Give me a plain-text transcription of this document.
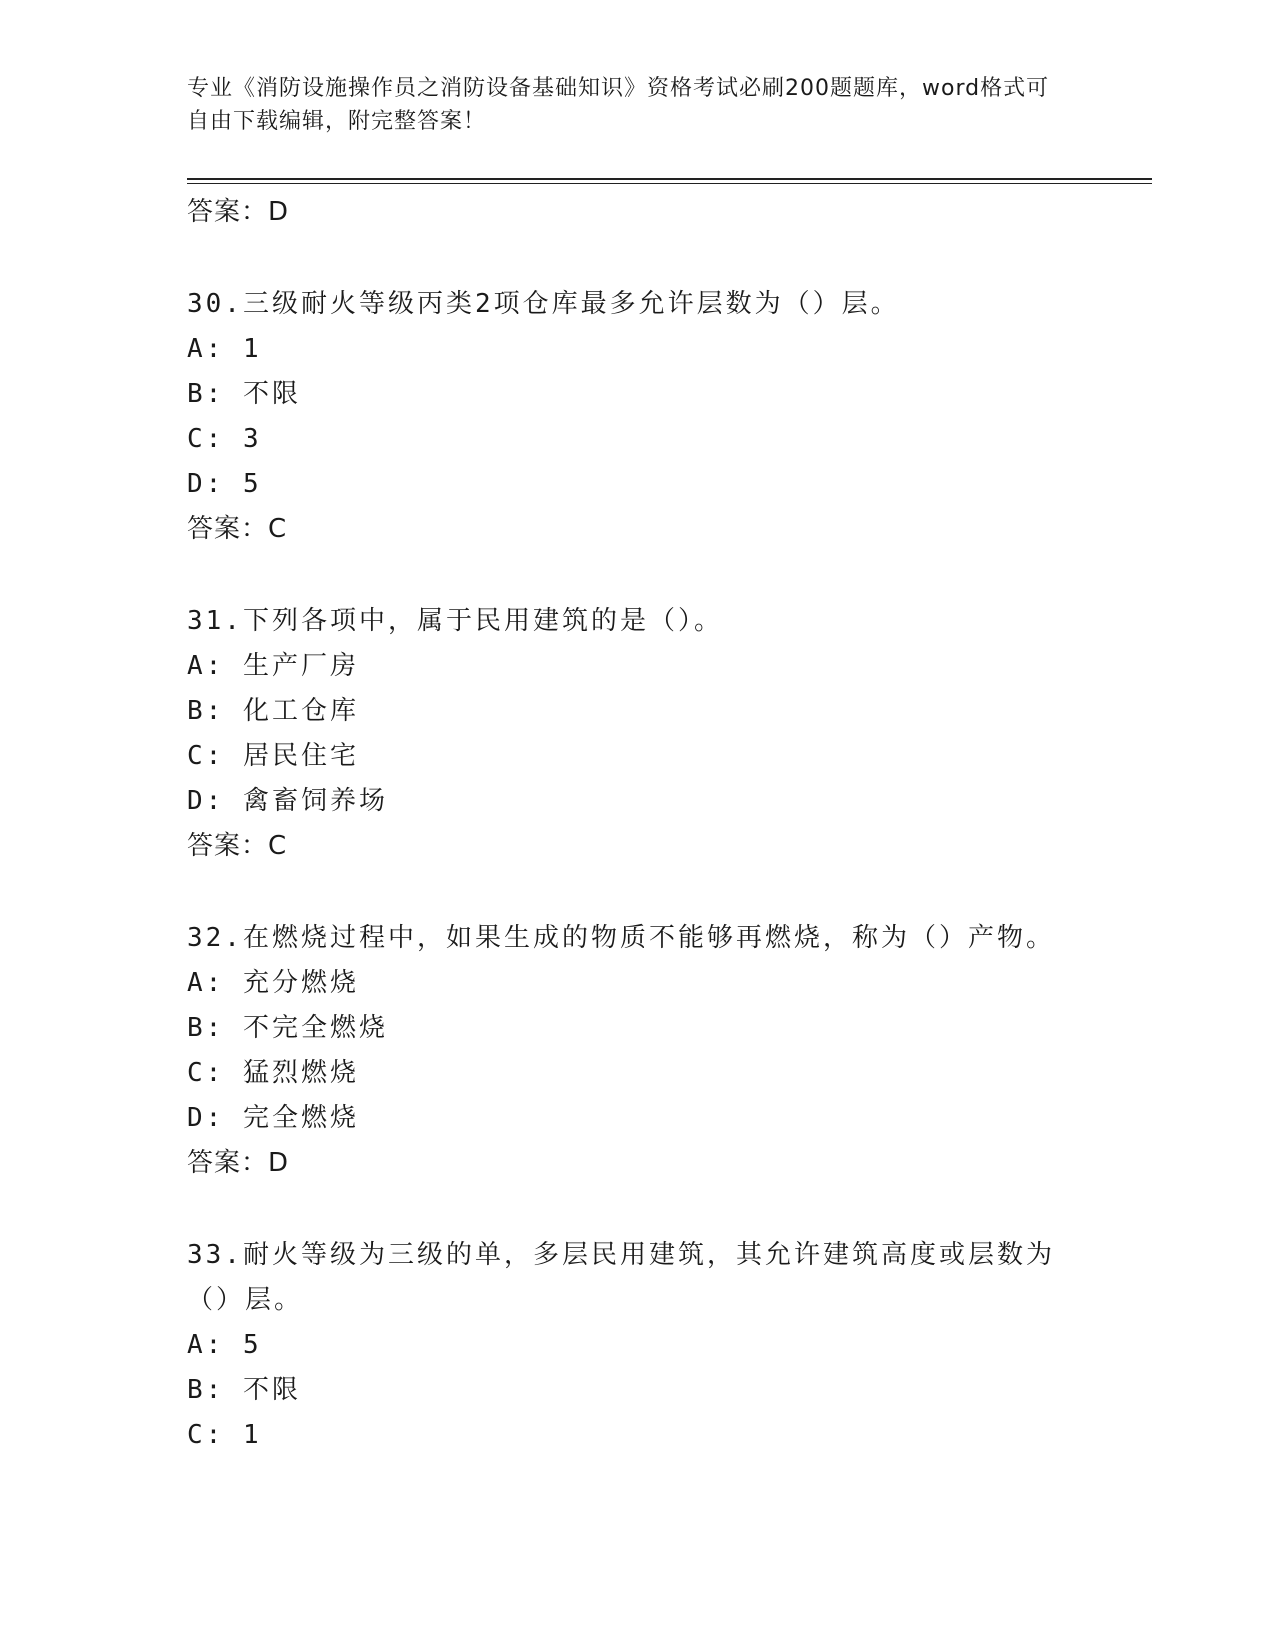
专业《消防设施操作员之消防设备基础知识》资格考试必刷200题题库，word格式可自由下载编辑，附完整答案！
答案：D
30.三级耐火等级丙类2项仓库最多允许层数为（）层。
A: 1
B: 不限
C: 3
D: 5
答案：C
31.下列各项中，属于民用建筑的是（）。
A: 生产厂房
B: 化工仓库
C: 居民住宅
D: 禽畜饲养场
答案：C
32.在燃烧过程中，如果生成的物质不能够再燃烧，称为（）产物。
A: 充分燃烧
B: 不完全燃烧
C: 猛烈燃烧
D: 完全燃烧
答案：D
33.耐火等级为三级的单，多层民用建筑，其允许建筑高度或层数为（）层。
A: 5
B: 不限
C: 1
